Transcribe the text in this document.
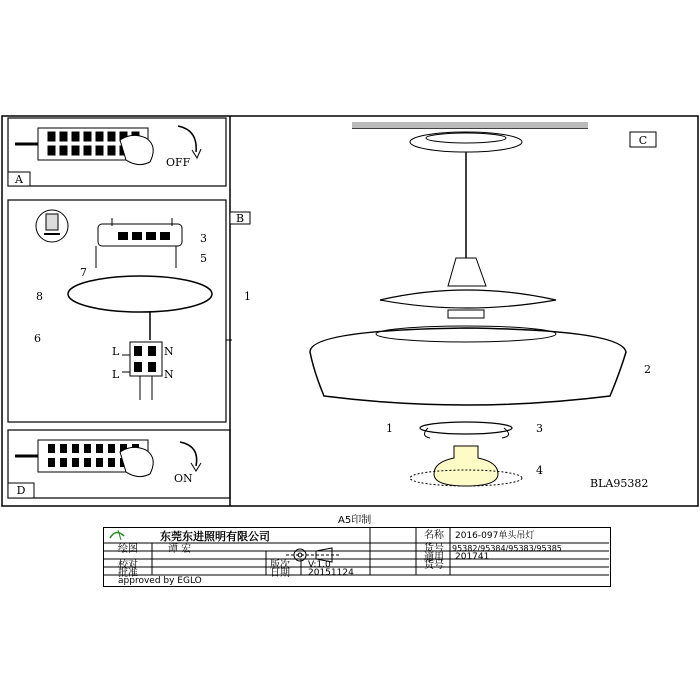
A
OFF
B
L	N
L	N
3
5
7
8	1
6
D
ON
C
2
1	3
4
BLA95382
A5印制
东莞东进照明有限公司
绘图	谭 宏
校对
批准
版次 V:1.0
日期 20151124
名称 2016-097单头吊灯
货号 95382/95384/95383/95385
適用 201741
货号
approved by EGLO
